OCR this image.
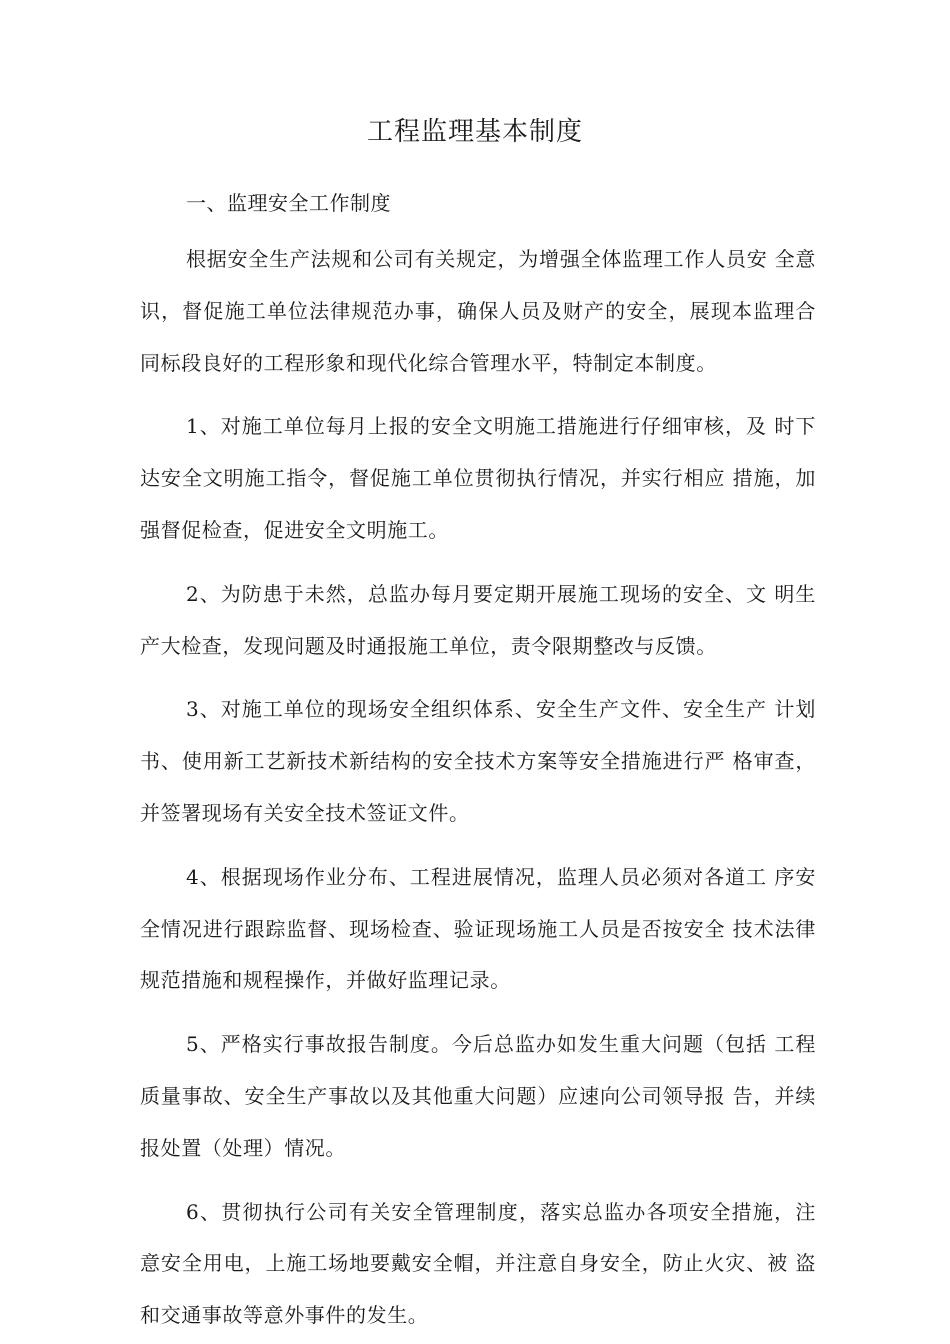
工程监理基本制度

一、监理安全工作制度

根据安全生产法规和公司有关规定，为增强全体监理工作人员安 全意识，督促施工单位法律规范办事，确保人员及财产的安全，展现本监理合同标段良好的工程形象和现代化综合管理水平，特制定本制度。

1、对施工单位每月上报的安全文明施工措施进行仔细审核，及 时下达安全文明施工指令，督促施工单位贯彻执行情况，并实行相应 措施，加强督促检查，促进安全文明施工。

2、为防患于未然，总监办每月要定期开展施工现场的安全、文 明生产大检查，发现问题及时通报施工单位，责令限期整改与反馈。

3、对施工单位的现场安全组织体系、安全生产文件、安全生产 计划书、使用新工艺新技术新结构的安全技术方案等安全措施进行严 格审查，并签署现场有关安全技术签证文件。

4、根据现场作业分布、工程进展情况，监理人员必须对各道工 序安全情况进行跟踪监督、现场检查、验证现场施工人员是否按安全 技术法律规范措施和规程操作，并做好监理记录。

5、严格实行事故报告制度。今后总监办如发生重大问题（包括 工程质量事故、安全生产事故以及其他重大问题）应速向公司领导报 告，并续报处置（处理）情况。

6、贯彻执行公司有关安全管理制度，落实总监办各项安全措施，注意安全用电，上施工场地要戴安全帽，并注意自身安全，防止火灾、被 盗和交通事故等意外事件的发生。
